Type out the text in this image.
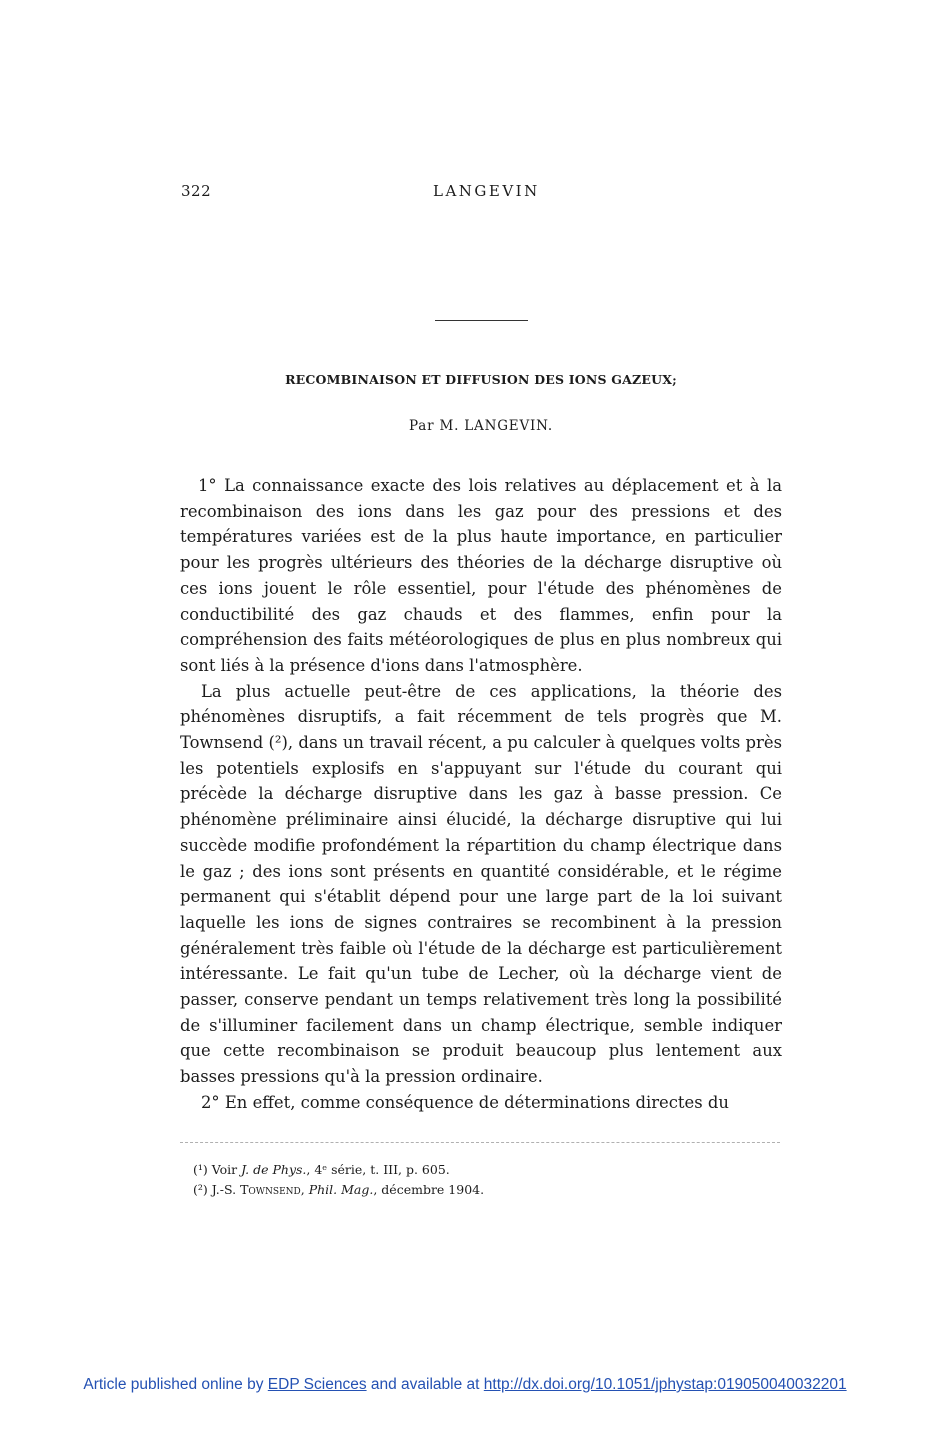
322	LANGEVIN
RECOMBINAISON ET DIFFUSION DES IONS GAZEUX;
Par M. LANGEVIN.

1° La connaissance exacte des lois relatives au déplacement et à la recombinaison des ions dans les gaz pour des pressions et des températures variées est de la plus haute importance, en particulier pour les progrès ultérieurs des théories de la décharge disruptive où ces ions jouent le rôle essentiel, pour l'étude des phénomènes de conductibilité des gaz chauds et des flammes, enfin pour la compréhension des faits météorologiques de plus en plus nombreux qui sont liés à la présence d'ions dans l'atmosphère.

La plus actuelle peut-être de ces applications, la théorie des phénomènes disruptifs, a fait récemment de tels progrès que M. Townsend (²), dans un travail récent, a pu calculer à quelques volts près les potentiels explosifs en s'appuyant sur l'étude du courant qui précède la décharge disruptive dans les gaz à basse pression. Ce phénomène préliminaire ainsi élucidé, la décharge disruptive qui lui succède modifie profondément la répartition du champ électrique dans le gaz ; des ions sont présents en quantité considérable, et le régime permanent qui s'établit dépend pour une large part de la loi suivant laquelle les ions de signes contraires se recombinent à la pression généralement très faible où l'étude de la décharge est particulièrement intéressante. Le fait qu'un tube de Lecher, où la décharge vient de passer, conserve pendant un temps relativement très long la possibilité de s'illuminer facilement dans un champ électrique, semble indiquer que cette recombinaison se produit beaucoup plus lentement aux basses pressions qu'à la pression ordinaire.

2° En effet, comme conséquence de déterminations directes du

(¹) Voir J. de Phys., 4ᵉ série, t. III, p. 605.
(²) J.-S. Townsend, Phil. Mag., décembre 1904.
Article published online by EDP Sciences and available at http://dx.doi.org/10.1051/jphystap:019050040032201
